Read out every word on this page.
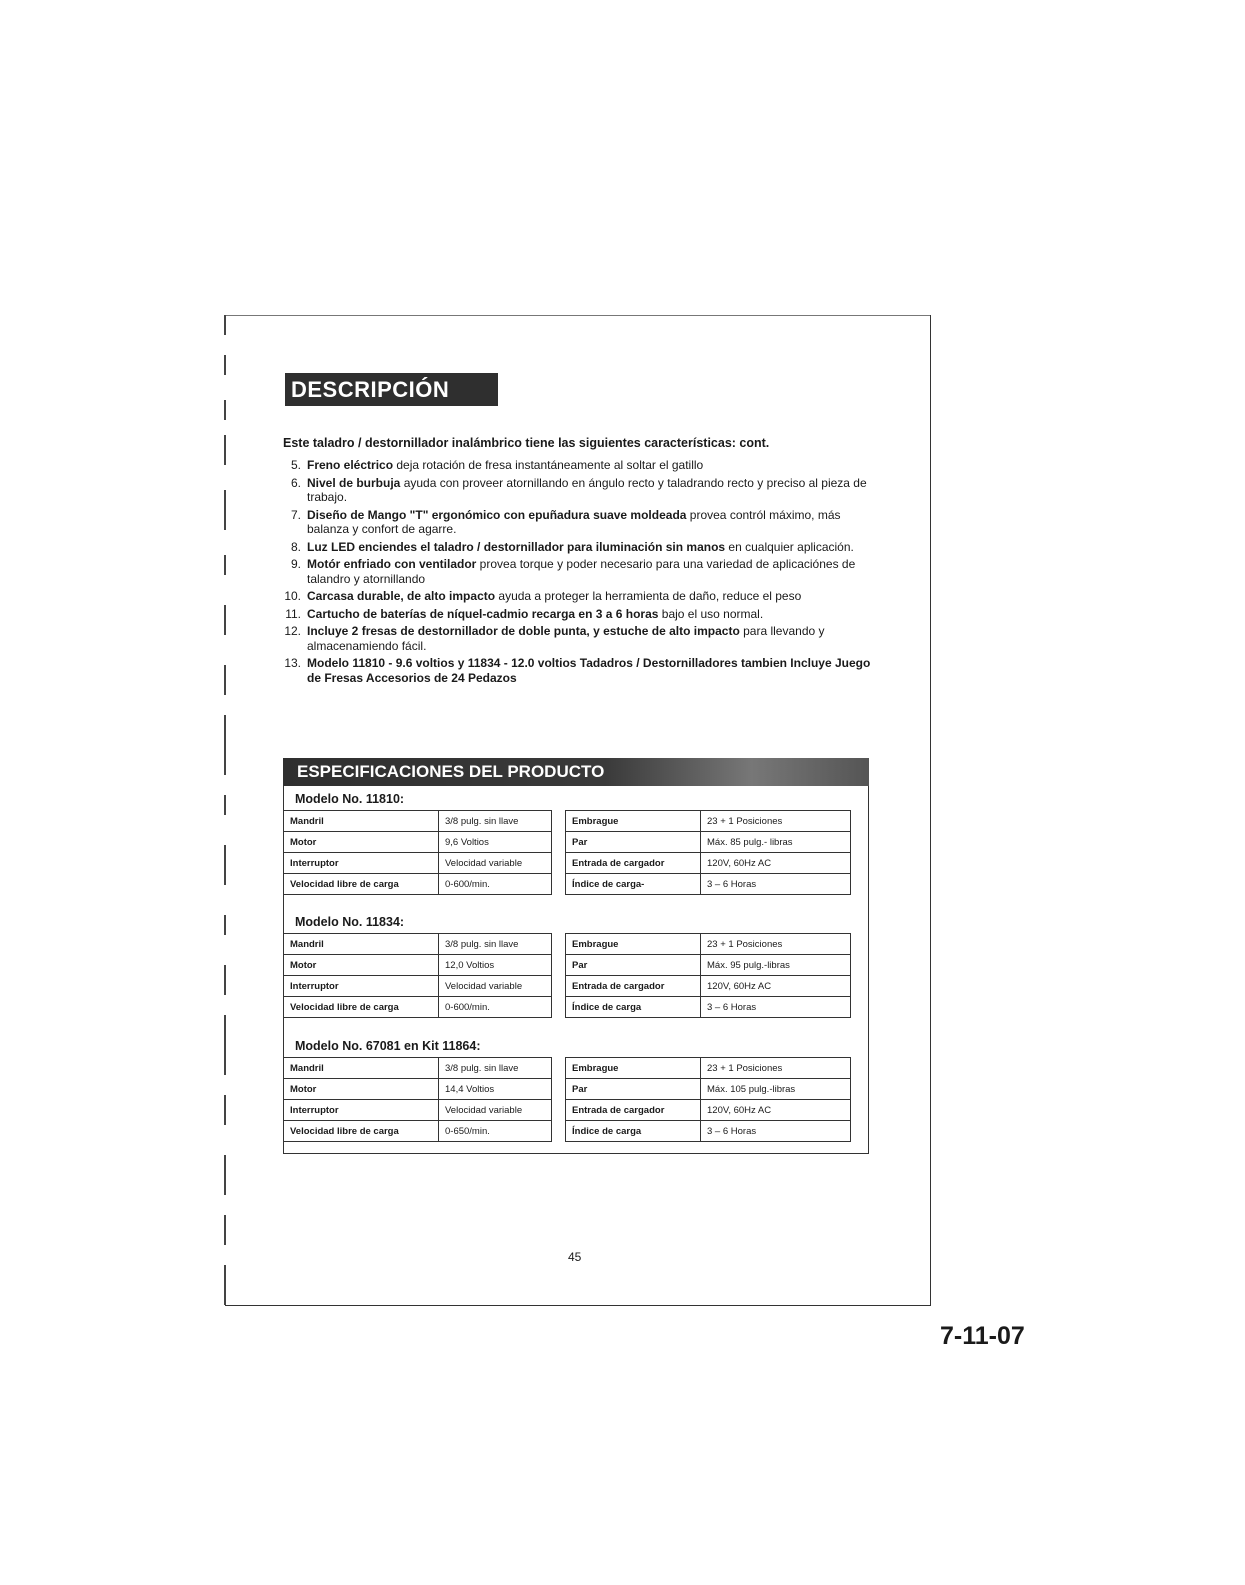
DESCRIPCIÓN cont.
Este taladro / destornillador inalámbrico tiene las siguientes características: cont.
5. Freno eléctrico deja rotación de fresa instantáneamente al soltar el gatillo
6. Nivel de burbuja ayuda con proveer atornillando en ángulo recto y taladrando recto y preciso al pieza de trabajo.
7. Diseño de Mango "T" ergonómico con epuñadura suave moldeada provea contról máximo, más balanza y confort de agarre.
8. Luz LED enciendes el taladro / destornillador para iluminación sin manos en cualquier aplicación.
9. Motór enfriado con ventilador provea torque y poder necesario para una variedad de aplicaciónes de talandro y atornillando
10. Carcasa durable, de alto impacto ayuda a proteger la herramienta de daño, reduce el peso
11. Cartucho de baterías de níquel-cadmio recarga en 3 a 6 horas bajo el uso normal.
12. Incluye 2 fresas de destornillador de doble punta, y estuche de alto impacto para llevando y almacenamiendo fácil.
13. Modelo 11810 - 9.6 voltios y 11834 - 12.0 voltios Tadadros / Destornilladores tambien Incluye Juego de Fresas Accesorios de 24 Pedazos
ESPECIFICACIONES DEL PRODUCTO
Modelo No. 11810:
Modelo No. 11834:
Modelo No. 67081 en Kit 11864:
Mandril	3/8 pulg. sin llave
Motor	9,6 Voltios
Interruptor	Velocidad variable
Velocidad libre de carga	0-600/min.
Embrague	23 + 1 Posiciones
Par	Máx. 85 pulg.- libras
Entrada de cargador	120V, 60Hz AC
Índice de carga-	3 – 6 Horas
Mandril	3/8 pulg. sin llave
Motor	12,0 Voltios
Interruptor	Velocidad variable
Velocidad libre de carga	0-600/min.
Embrague	23 + 1 Posiciones
Par	Máx. 95 pulg.-libras
Entrada de cargador	120V, 60Hz AC
Índice de carga	3 – 6 Horas
Mandril	3/8 pulg. sin llave
Motor	14,4 Voltios
Interruptor	Velocidad variable
Velocidad libre de carga	0-650/min.
Embrague	23 + 1 Posiciones
Par	Máx. 105 pulg.-libras
Entrada de cargador	120V, 60Hz AC
Índice de carga	3 – 6 Horas
45
7-11-07
